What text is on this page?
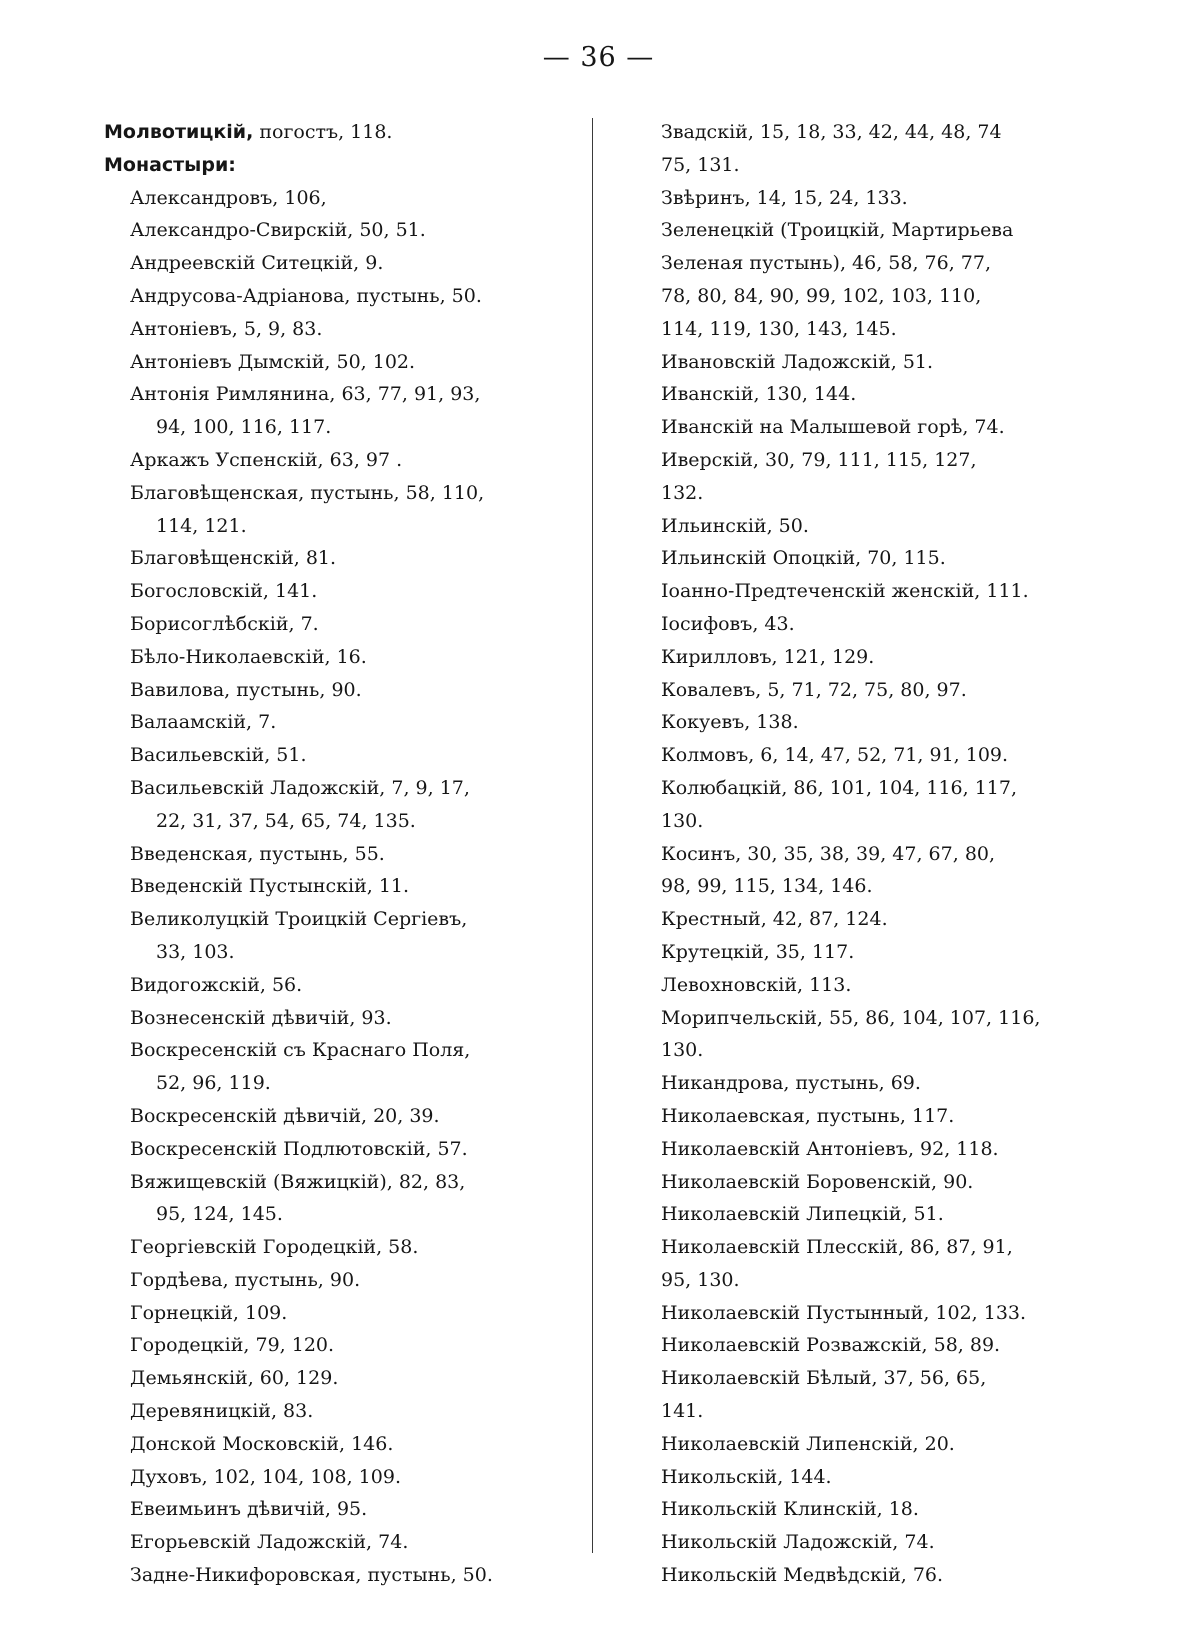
— 36 —
Молвотицкій, погостъ, 118.
Монастыри:
Александровъ, 106,
Александро-Свирскій, 50, 51.
Андреевскій Ситецкій, 9.
Андрусова-Адріанова, пустынь, 50.
Антоніевъ, 5, 9, 83.
Антоніевъ Дымскій, 50, 102.
Антонія Римлянина, 63, 77, 91, 93,
94, 100, 116, 117.
Аркажъ Успенскій, 63, 97 .
Благовѣщенская, пустынь, 58, 110,
114, 121.
Благовѣщенскій, 81.
Богословскій, 141.
Борисоглѣбскій, 7.
Бѣло-Николаевскій, 16.
Вавилова, пустынь, 90.
Валаамскій, 7.
Васильевскій, 51.
Васильевскій Ладожскій, 7, 9, 17,
22, 31, 37, 54, 65, 74, 135.
Введенская, пустынь, 55.
Введенскій Пустынскій, 11.
Великолуцкій Троицкій Сергіевъ,
33, 103.
Видогожскій, 56.
Вознесенскій дѣвичій, 93.
Воскресенскій съ Краснаго Поля,
52, 96, 119.
Воскресенскій дѣвичій, 20, 39.
Воскресенскій Подлютовскій, 57.
Вяжищевскій (Вяжицкій), 82, 83,
95, 124, 145.
Георгіевскій Городецкій, 58.
Гордѣева, пустынь, 90.
Горнецкій, 109.
Городецкій, 79, 120.
Демьянскій, 60, 129.
Деревяницкій, 83.
Донской Московскій, 146.
Духовъ, 102, 104, 108, 109.
Евеимьинъ дѣвичій, 95.
Егорьевскій Ладожскій, 74.
Задне-Никифоровская, пустынь, 50.
Звадскій, 15, 18, 33, 42, 44, 48, 74
75, 131.
Звѣринъ, 14, 15, 24, 133.
Зеленецкій (Троицкій, Мартирьева
Зеленая пустынь), 46, 58, 76, 77,
78, 80, 84, 90, 99, 102, 103, 110,
114, 119, 130, 143, 145.
Ивановскій Ладожскій, 51.
Иванскій, 130, 144.
Иванскій на Малышевой горѣ, 74.
Иверскій, 30, 79, 111, 115, 127,
132.
Ильинскій, 50.
Ильинскій Опоцкій, 70, 115.
Іоанно-Предтеченскій женскій, 111.
Іосифовъ, 43.
Кирилловъ, 121, 129.
Ковалевъ, 5, 71, 72, 75, 80, 97.
Кокуевъ, 138.
Колмовъ, 6, 14, 47, 52, 71, 91, 109.
Колюбацкій, 86, 101, 104, 116, 117,
130.
Косинъ, 30, 35, 38, 39, 47, 67, 80,
98, 99, 115, 134, 146.
Крестный, 42, 87, 124.
Крутецкій, 35, 117.
Левохновскій, 113.
Морипчельскій, 55, 86, 104, 107, 116,
130.
Никандрова, пустынь, 69.
Николаевская, пустынь, 117.
Николаевскій Антоніевъ, 92, 118.
Николаевскій Боровенскій, 90.
Николаевскій Липецкій, 51.
Николаевскій Плесскій, 86, 87, 91,
95, 130.
Николаевскій Пустынный, 102, 133.
Николаевскій Розважскій, 58, 89.
Николаевскій Бѣлый, 37, 56, 65,
141.
Николаевскій Липенскій, 20.
Никольскій, 144.
Никольскій Клинскій, 18.
Никольскій Ладожскій, 74.
Никольскій Медвѣдскій, 76.
